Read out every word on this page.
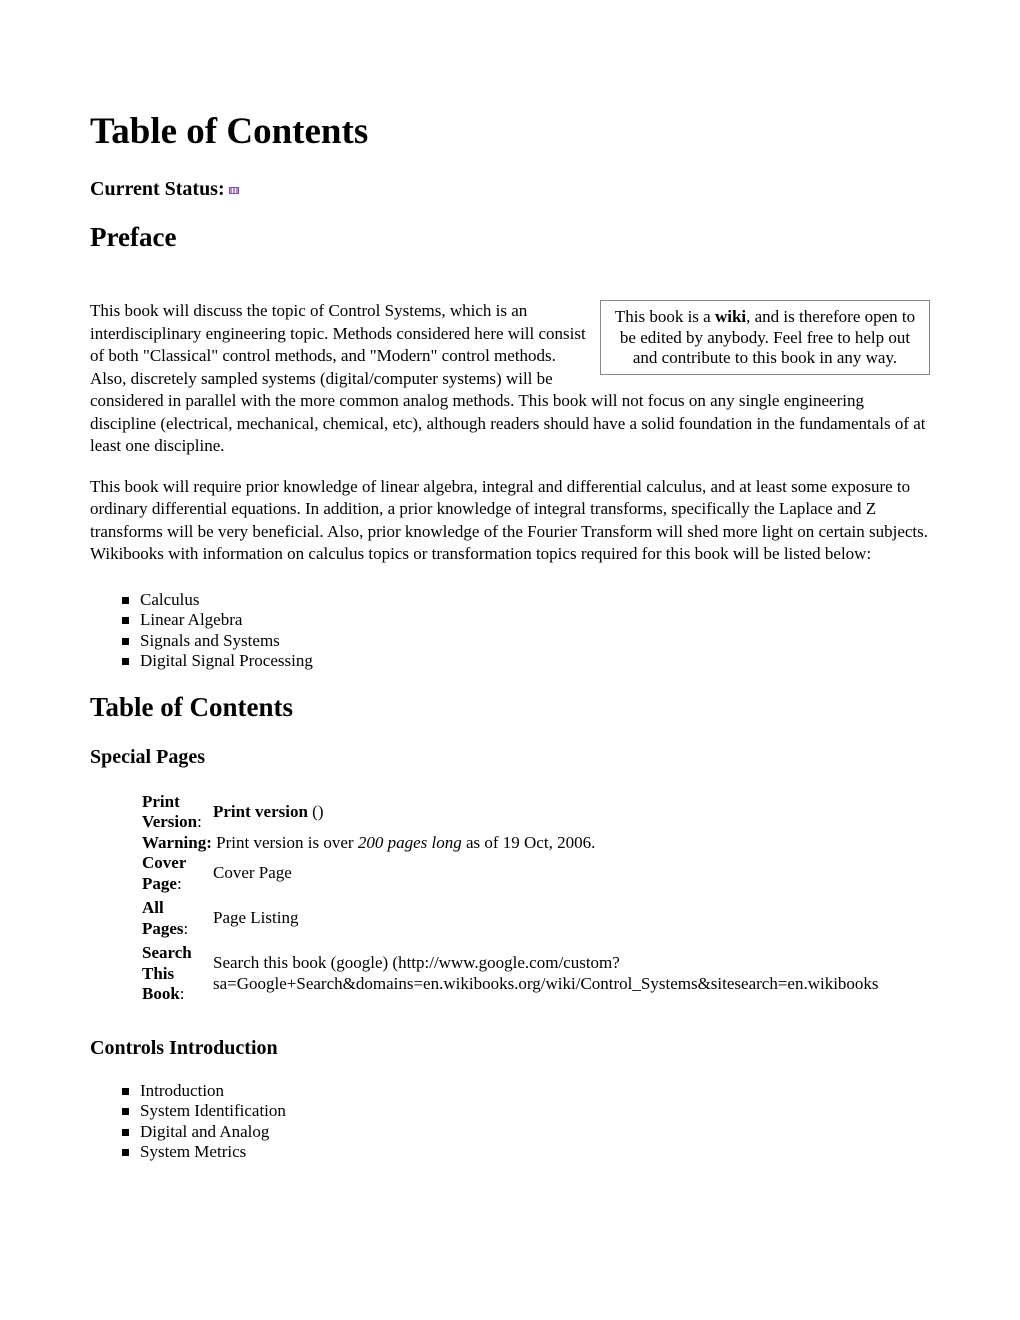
Table of Contents
Current Status:
Preface
This book is a wiki, and is therefore open to be edited by anybody. Feel free to help out and contribute to this book in any way.

This book will discuss the topic of Control Systems, which is an interdisciplinary engineering topic. Methods considered here will consist of both "Classical" control methods, and "Modern" control methods. Also, discretely sampled systems (digital/computer systems) will be considered in parallel with the more common analog methods. This book will not focus on any single engineering discipline (electrical, mechanical, chemical, etc), although readers should have a solid foundation in the fundamentals of at least one discipline.

This book will require prior knowledge of linear algebra, integral and differential calculus, and at least some exposure to ordinary differential equations. In addition, a prior knowledge of integral transforms, specifically the Laplace and Z transforms will be very beneficial. Also, prior knowledge of the Fourier Transform will shed more light on certain subjects. Wikibooks with information on calculus topics or transformation topics required for this book will be listed below:

Calculus
Linear Algebra
Signals and Systems
Digital Signal Processing
Table of Contents
Special Pages
Print
Version:	Print version ()
Warning: Print version is over 200 pages long as of 19 Oct, 2006.	
Cover
Page:	Cover Page
All
Pages:	Page Listing
Search
This
Book:	Search this book (google) (http://www.google.com/custom?
sa=Google+Search&domains=en.wikibooks.org/wiki/Control_Systems&sitesearch=en.wikibooks
Controls Introduction
Introduction
System Identification
Digital and Analog
System Metrics
